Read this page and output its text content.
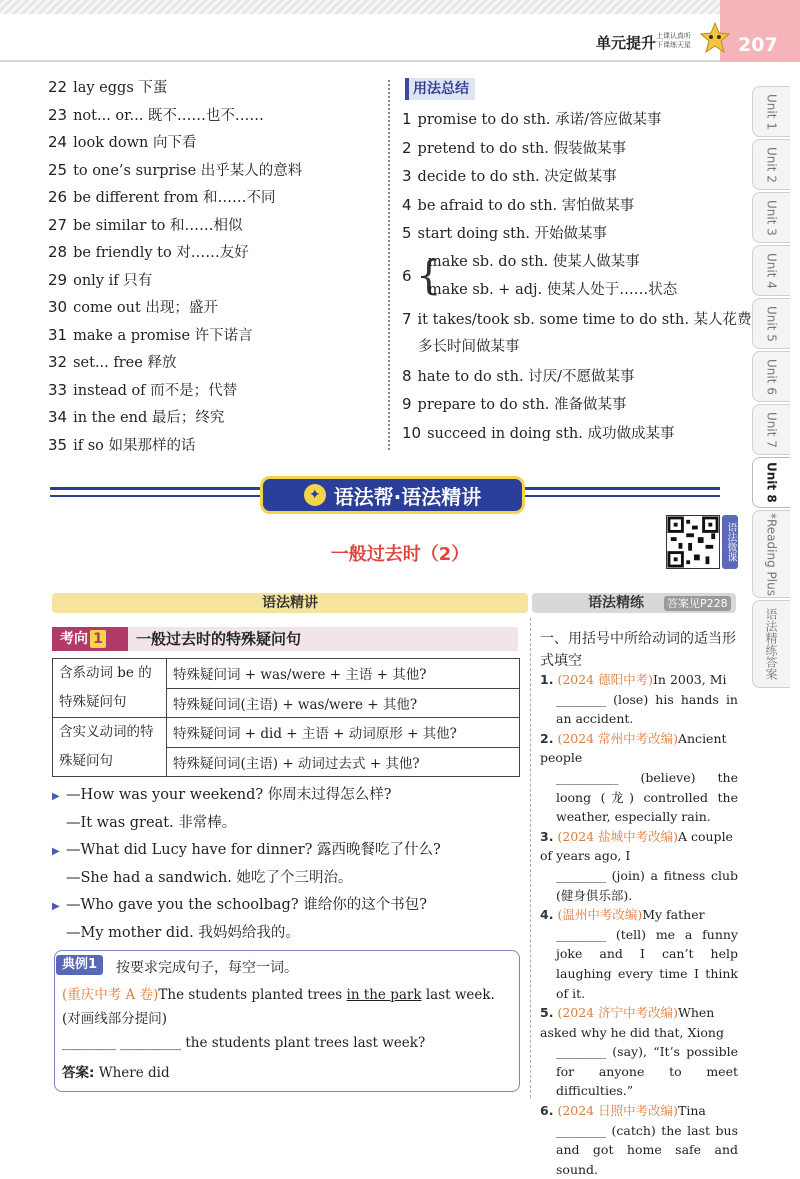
单元提升 上课认真听 下课练天星	207
Unit 1
Unit 2
Unit 3
Unit 4
Unit 5
Unit 6
Unit 7
Unit 8
*Reading Plus
语法精练答案
22 lay eggs 下蛋
23 not... or... 既不……也不……
24 look down 向下看
25 to one’s surprise 出乎某人的意料
26 be different from 和……不同
27 be similar to 和……相似
28 be friendly to 对……友好
29 only if 只有
30 come out 出现；盛开
31 make a promise 许下诺言
32 set... free 释放
33 instead of 而不是；代替
34 in the end 最后；终究
35 if so 如果那样的话
用法总结
1 promise to do sth. 承诺/答应做某事
2 pretend to do sth. 假装做某事
3 decide to do sth. 决定做某事
4 be afraid to do sth. 害怕做某事
5 start doing sth. 开始做某事
6 {
make sb. do sth. 使某人做某事
make sb. + adj. 使某人处于……状态
7 it takes/took sb. some time to do sth. 某人花费
多长时间做某事
8 hate to do sth. 讨厌/不愿做某事
9 prepare to do sth. 准备做某事
10 succeed in doing sth. 成功做成某事
✦ 语法帮·语法精讲
一般过去时（2）	语法微课
语法精讲	语法精练	答案见P228
考向 1	一般过去时的特殊疑问句
含系动词 be 的特殊疑问句	特殊疑问词 + was/were + 主语 + 其他?
	特殊疑问词(主语) + was/were + 其他?
含实义动词的特殊疑问句	特殊疑问词 + did + 主语 + 动词原形 + 其他?
	特殊疑问词(主语) + 动词过去式 + 其他?
▶ —How was your weekend? 你周末过得怎么样?
—It was great. 非常棒。
▶ —What did Lucy have for dinner? 露西晚餐吃了什么?
—She had a sandwich. 她吃了个三明治。
▶ —Who gave you the schoolbag? 谁给你的这个书包?
—My mother did. 我妈妈给我的。
典例1	按要求完成句子，每空一词。
(重庆中考 A 卷)The students planted trees in the park last week. (对画线部分提问)
________ _________ the students plant trees last week?
答案: Where did
一、用括号中所给动词的适当形式填空
1. (2024 德阳中考)In 2003, Mi
________ (lose) his hands in an accident.
2. (2024 常州中考改编)Ancient people
__________ (believe) the loong (龙) controlled the weather, especially rain.
3. (2024 盐城中考改编)A couple of years ago, I
________ (join) a fitness club (健身俱乐部).
4. (温州中考改编)My father
________ (tell) me a funny joke and I can’t help laughing every time I think of it.
5. (2024 济宁中考改编)When asked why he did that, Xiong
________ (say), “It’s possible for anyone to meet difficulties.”
6. (2024 日照中考改编)Tina
________ (catch) the last bus and got home safe and sound.
